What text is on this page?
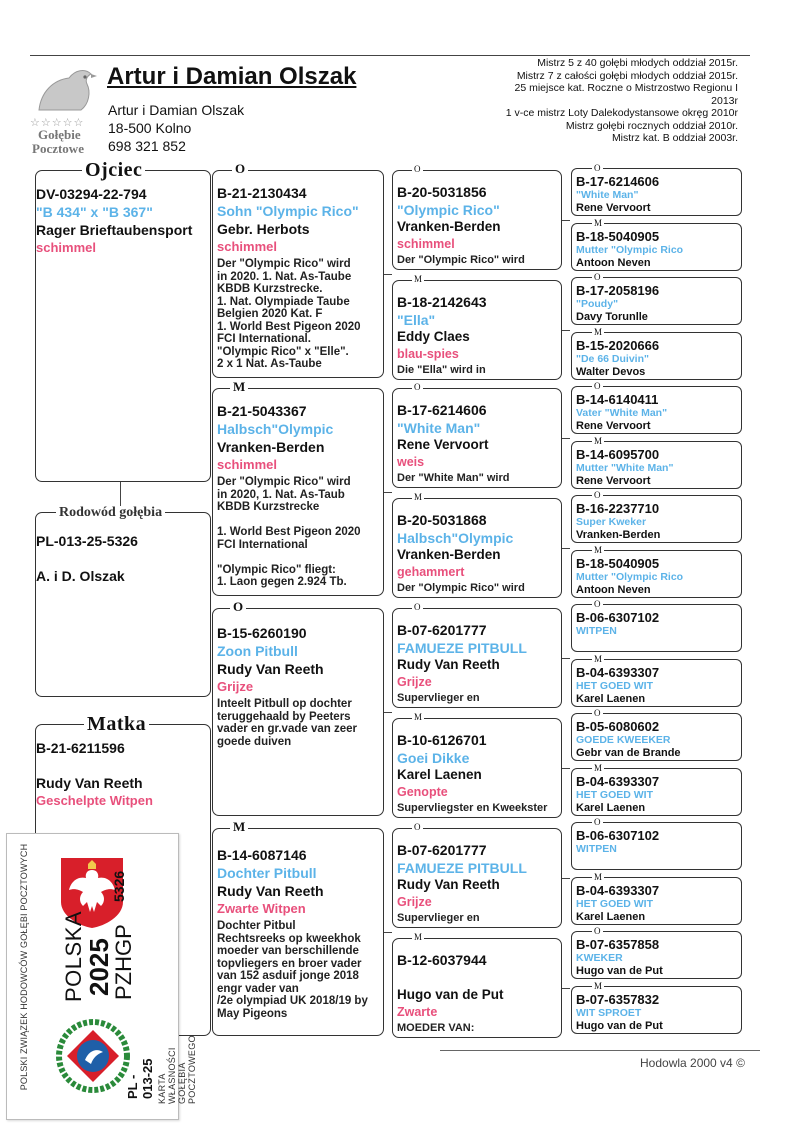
☆☆☆☆☆
Gołębie
Pocztowe
Artur i Damian Olszak
Artur i Damian Olszak
18-500 Kolno
698 321 852
Mistrz 5 z 40 gołębi młodych oddział 2015r.
Mistrz 7 z całości gołębi młodych oddział 2015r.
25 miejsce kat. Roczne o Mistrzostwo Regionu I
2013r
1 v-ce mistrz Loty Dalekodystansowe okręg 2010r
Mistrz gołębi rocznych oddział 2010r.
Mistrz kat. B oddział 2003r.
DV-03294-22-794
"B 434" x "B 367"
Rager Brieftaubensport
schimmel
Ojciec
PL-013-25-5326
A. i D. Olszak
Rodowód gołębia
B-21-6211596
Rudy Van Reeth
Geschelpte Witpen
Matka
B-21-2130434
Sohn "Olympic Rico"
Gebr. Herbots
schimmel
Der "Olympic Rico" wird
in 2020. 1. Nat. As-Taube
KBDB Kurzstrecke.
1. Nat. Olympiade Taube
Belgien 2020 Kat. F
1. World Best Pigeon 2020
FCI International.
"Olympic Rico" x "Elle".
2 x 1 Nat. As-Taube
O
B-21-5043367
Halbsch"Olympic
Vranken-Berden
schimmel
Der "Olympic Rico" wird
in 2020, 1. Nat. As-Taub
KBDB Kurzstrecke
1. World Best Pigeon 2020
FCI International
"Olympic Rico" fliegt:
1. Laon gegen 2.924 Tb.
M
B-15-6260190
Zoon Pitbull
Rudy Van Reeth
Grijze
Inteelt Pitbull op dochter
teruggehaald by Peeters
vader en gr.vade van zeer
goede duiven
O
B-14-6087146
Dochter Pitbull
Rudy Van Reeth
Zwarte Witpen
Dochter Pitbul
Rechtsreeks op kweekhok
moeder van berschillende
topvliegers en broer vader
van 152 asduif jonge 2018
engr vader van
/2e olympiad UK 2018/19 by
May Pigeons
M
B-20-5031856
"Olympic Rico"
Vranken-Berden
schimmel
Der "Olympic Rico" wird
O
B-18-2142643
"Ella"
Eddy Claes
blau-spies
Die "Ella" wird in
M
B-17-6214606
"White Man"
Rene Vervoort
weis
Der "White Man" wird
O
B-20-5031868
Halbsch"Olympic
Vranken-Berden
gehammert
Der "Olympic Rico" wird
M
B-07-6201777
FAMUEZE PITBULL
Rudy Van Reeth
Grijze
Supervlieger en
O
B-10-6126701
Goei Dikke
Karel Laenen
Genopte
Supervliegster en Kweekster
M
B-07-6201777
FAMUEZE PITBULL
Rudy Van Reeth
Grijze
Supervlieger en
O
B-12-6037944
Hugo van de Put
Zwarte
MOEDER VAN:
M
B-17-6214606
"White Man"
Rene Vervoort
O
B-18-5040905
Mutter "Olympic Rico
Antoon Neven
M
B-17-2058196
"Poudy"
Davy Torunlle
O
B-15-2020666
"De 66 Duivin"
Walter Devos
M
B-14-6140411
Vater "White Man"
Rene Vervoort
O
B-14-6095700
Mutter "White Man"
Rene Vervoort
M
B-16-2237710
Super Kweker
Vranken-Berden
O
B-18-5040905
Mutter "Olympic Rico
Antoon Neven
M
B-06-6307102
WITPEN
O
B-04-6393307
HET GOED WIT
Karel Laenen
M
B-05-6080602
GOEDE KWEEKER
Gebr van de Brande
O
B-04-6393307
HET GOED WIT
Karel Laenen
M
B-06-6307102
WITPEN
O
B-04-6393307
HET GOED WIT
Karel Laenen
M
B-07-6357858
KWEKER
Hugo van de Put
O
B-07-6357832
WIT SPROET
Hugo van de Put
M
Hodowla 2000 v4 ©
POLSKI ZWIĄZEK HODOWCÓW GOŁĘBI POCZTOWYCH	5326
POLSKA
2025
PZHGP
PL - 013-25 KARTA WŁASNOŚCI GOŁĘBIA POCZTOWEGO
